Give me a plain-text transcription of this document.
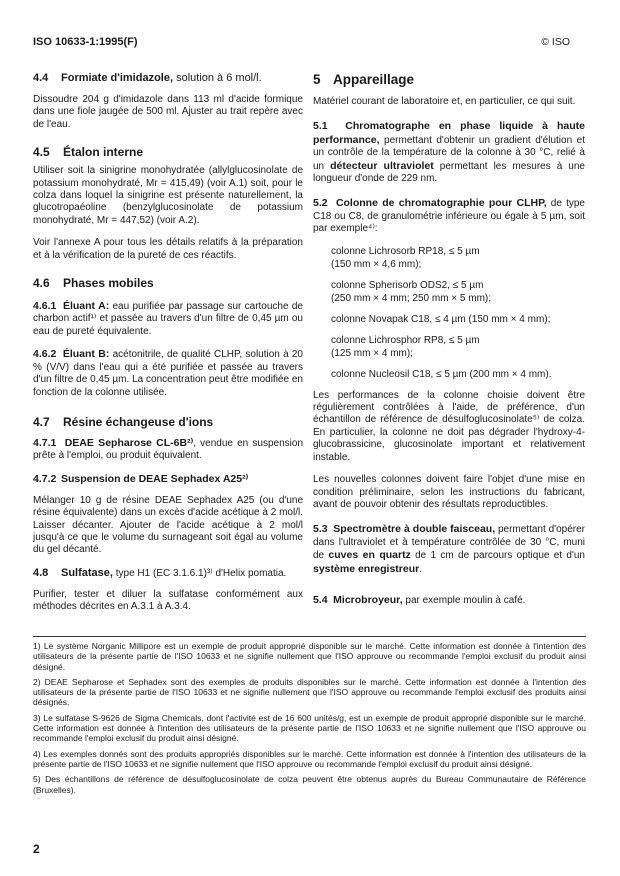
ISO 10633-1:1995(F)	© ISO
4.4 Formiate d'imidazole, solution à 6 mol/l.

Dissoudre 204 g d'imidazole dans 113 ml d'acide formique dans une fiole jaugée de 500 ml. Ajuster au trait repère avec de l'eau.

4.5 Étalon interne

Utiliser soit la sinigrine monohydratée (allylglucosinolate de potassium monohydraté, Mr = 415,49) (voir A.1) soit, pour le colza dans loquel la sinigrine est présente naturellement, la glucotropaéoline (benzylglucosinolate de potassium monohydraté, Mr = 447,52) (voir A.2).

Voir l'annexe A pour tous les détails relatifs à la préparation et à la vérification de la pureté de ces réactifs.

4.6 Phases mobiles

4.6.1 Éluant A: eau purifiée par passage sur cartouche de charbon actif¹⁾ et passée au travers d'un filtre de 0,45 µm ou eau de pureté équivalente.

4.6.2 Éluant B: acétonitrile, de qualité CLHP, solution à 20 % (V/V) dans l'eau qui a été purifiée et passée au travers d'un filtre de 0,45 µm. La concentration peut être modifiée en fonction de la colonne utilisée.

4.7 Résine échangeuse d'ions

4.7.1 DEAE Sepharose CL-6B²⁾, vendue en suspension prête à l'emploi, ou produit équivalent.

4.7.2 Suspension de DEAE Sephadex A25²⁾

Mélanger 10 g de résine DEAE Sephadex A25 (ou d'une résine équivalente) dans un excès d'acide acétique à 2 mol/l. Laisser décanter. Ajouter de l'acide acétique à 2 mol/l jusqu'à ce que le volume du surnageant soit égal au volume du gel décanté.

4.8 Sulfatase, type H1 (EC 3.1.6.1)³⁾ d'Helix pomatia.

Purifier, tester et diluer la sulfatase conformément aux méthodes décrites en A.3.1 à A.3.4.

5 Appareillage

Matériel courant de laboratoire et, en particulier, ce qui suit.

5.1 Chromatographe en phase liquide à haute performance, permettant d'obtenir un gradient d'élution et un contrôle de la température de la colonne à 30 °C, relié à un détecteur ultraviolet permettant les mesures à une longueur d'onde de 229 nm.

5.2 Colonne de chromatographie pour CLHP, de type C18 ou C8, de granulométrie inférieure ou égale à 5 µm, soit par exemple⁴⁾:

colonne Lichrosorb RP18, ≤ 5 µm
(150 mm × 4,6 mm);
colonne Spherisorb ODS2, ≤ 5 µm
(250 mm × 4 mm; 250 mm × 5 mm);
colonne Novapak C18, ≤ 4 µm (150 mm × 4 mm);
colonne Lichrosphor RP8, ≤ 5 µm
(125 mm × 4 mm);
colonne Nucleosil C18, ≤ 5 µm (200 mm × 4 mm).

Les performances de la colonne choisie doivent être régulièrement contrôlées à l'aide, de préférence, d'un échantillon de référence de désulfoglucosinolate⁵⁾ de colza. En particulier, la colonne ne doit pas dégrader l'hydroxy-4-glucobrassicine, glucosinolate important et relativement instable.

Les nouvelles colonnes doivent faire l'objet d'une mise en condition préliminaire, selon les instructions du fabricant, avant de pouvoir obtenir des résultats reproductibles.

5.3 Spectromètre à double faisceau, permettant d'opérer dans l'ultraviolet et à température contrôlée de 30 °C, muni de cuves en quartz de 1 cm de parcours optique et d'un système enregistreur.

5.4 Microbroyeur, par exemple moulin à café.

1) Le système Norganic Millipore est un exemple de produit approprié disponible sur le marché. Cette information est donnée à l'intention des utilisateurs de la présente partie de l'ISO 10633 et ne signifie nullement que l'ISO approuve ou recommande l'emploi exclusif du produit ainsi désigné.
2) DEAE Sepharose et Sephadex sont des exemples de produits disponibles sur le marché. Cette information est donnée à l'intention des utilisateurs de la présente partie de l'ISO 10633 et ne signifie nullement que l'ISO approuve ou recommande l'emploi exclusif des produits ainsi désignés.
3) Le sulfatase S-9626 de Sigma Chemicals, dont l'activité est de 16 600 unités/g, est un exemple de produit approprié disponible sur le marché. Cette information est donnée à l'intention des utilisateurs de la présente partie de l'ISO 10633 et ne signifie nullement que l'ISO approuve ou recommande l'emploi exclusif du produit ainsi désigné.
4) Les exemples donnés sont des produits appropriés disponibles sur le marché. Cette information est donnée à l'intention des utilisateurs de la présente partie de l'ISO 10633 et ne signifie nullement que l'ISO approuve ou recommande l'emploi exclusif du produit ainsi désigné.
5) Des échantillons de référence de désulfoglucosinolate de colza peuvent être obtenus auprès du Bureau Communautaire de Référence (Bruxelles).
2
